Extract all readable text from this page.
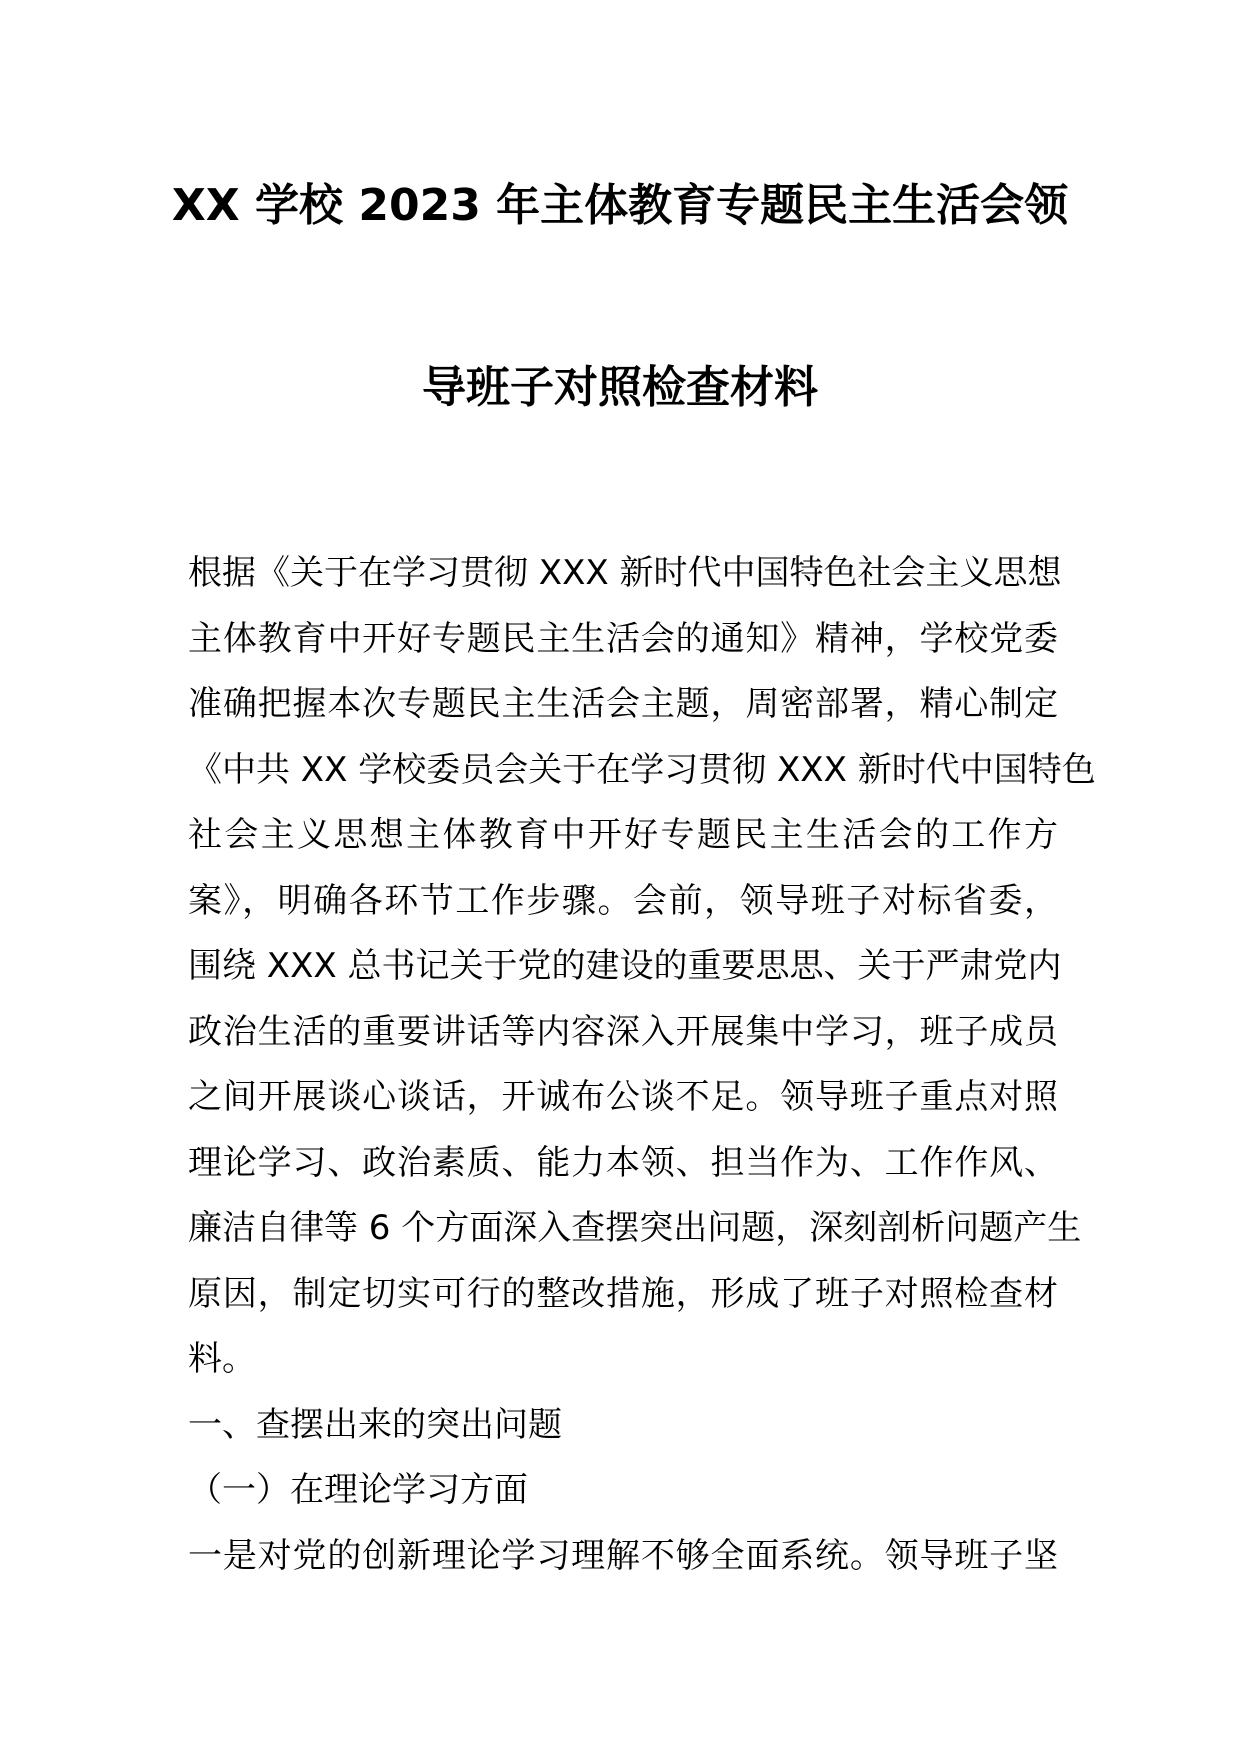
XX 学校 2023 年主体教育专题民主生活会领
导班子对照检查材料
根据《关于在学习贯彻 XXX 新时代中国特色社会主义思想
主体教育中开好专题民主生活会的通知》精神，学校党委
准确把握本次专题民主生活会主题，周密部署，精心制定
《中共 XX 学校委员会关于在学习贯彻 XXX 新时代中国特色
社会主义思想主体教育中开好专题民主生活会的工作方
案》，明确各环节工作步骤。会前，领导班子对标省委，
围绕 XXX 总书记关于党的建设的重要思思、关于严肃党内
政治生活的重要讲话等内容深入开展集中学习，班子成员
之间开展谈心谈话，开诚布公谈不足。领导班子重点对照
理论学习、政治素质、能力本领、担当作为、工作作风、
廉洁自律等 6 个方面深入查摆突出问题，深刻剖析问题产生
原因，制定切实可行的整改措施，形成了班子对照检查材
料。
一、查摆出来的突出问题
（一）在理论学习方面
一是对党的创新理论学习理解不够全面系统。领导班子坚
